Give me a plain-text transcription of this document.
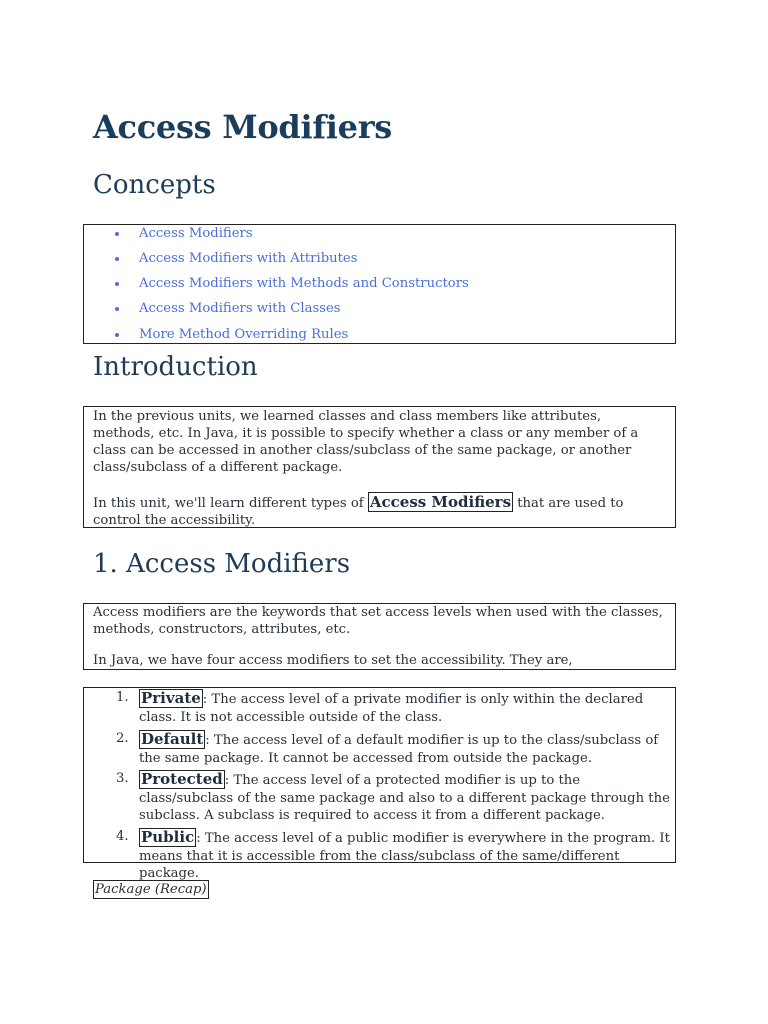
Access Modifiers
Concepts
Access Modifiers
Access Modifiers with Attributes
Access Modifiers with Methods and Constructors
Access Modifiers with Classes
More Method Overriding Rules
Introduction

In the previous units, we learned classes and class members like attributes, methods, etc. In Java, it is possible to specify whether a class or any member of a class can be accessed in another class/subclass of the same package, or another class/subclass of a different package.

In this unit, we'll learn different types of Access Modifiers that are used to control the accessibility.

1. Access Modifiers

Access modifiers are the keywords that set access levels when used with the classes, methods, constructors, attributes, etc.

In Java, we have four access modifiers to set the accessibility. They are,

1. Private : The access level of a private modifier is only within the declared class. It is not accessible outside of the class.
2. Default : The access level of a default modifier is up to the class/subclass of the same package. It cannot be accessed from outside the package.
3. Protected : The access level of a protected modifier is up to the class/subclass of the same package and also to a different package through the subclass. A subclass is required to access it from a different package.
4. Public : The access level of a public modifier is everywhere in the program. It means that it is accessible from the class/subclass of the same/different package.
Package (Recap)
